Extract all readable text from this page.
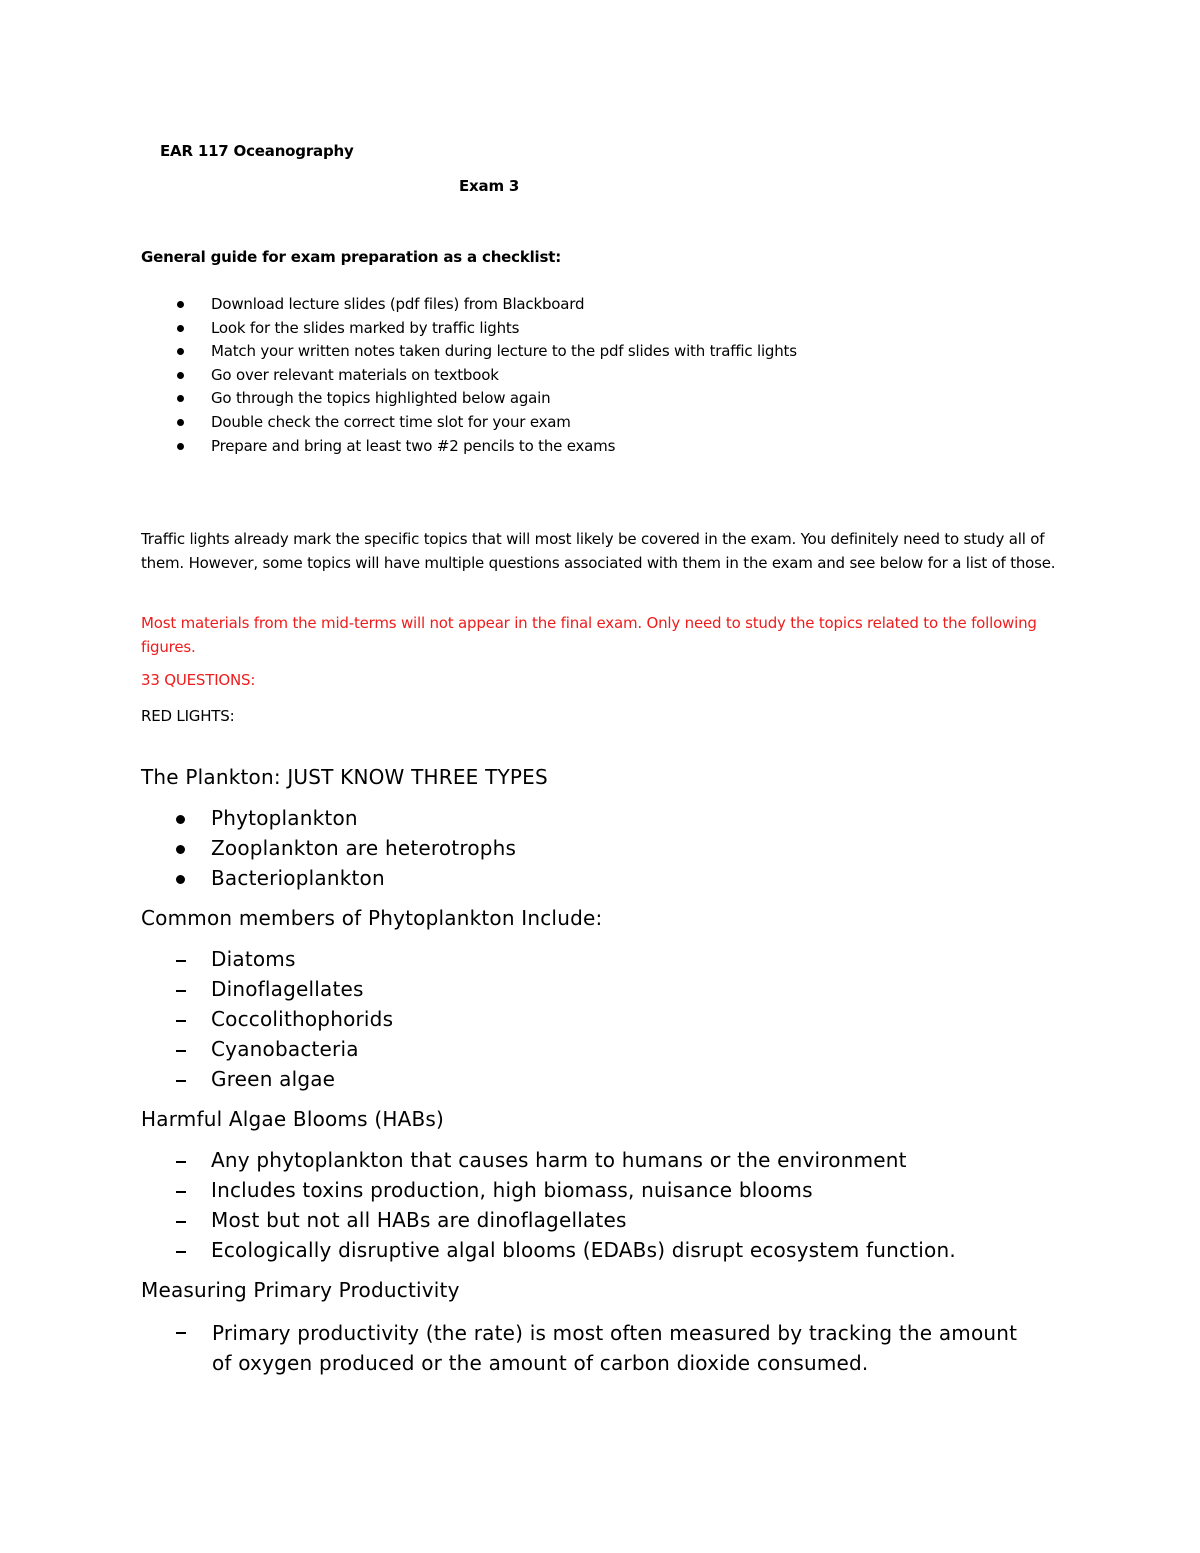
EAR 117 Oceanography
Exam 3
General guide for exam preparation as a checklist:
Download lecture slides (pdf files) from Blackboard
Look for the slides marked by traffic lights
Match your written notes taken during lecture to the pdf slides with traffic lights
Go over relevant materials on textbook
Go through the topics highlighted below again
Double check the correct time slot for your exam
Prepare and bring at least two #2 pencils to the exams
Traffic lights already mark the specific topics that will most likely be covered in the exam. You definitely need to study all of them. However, some topics will have multiple questions associated with them in the exam and see below for a list of those.
Most materials from the mid-terms will not appear in the final exam. Only need to study the topics related to the following figures.
33 QUESTIONS:
RED LIGHTS:
The Plankton: JUST KNOW THREE TYPES
Phytoplankton
Zooplankton are heterotrophs
Bacterioplankton
Common members of Phytoplankton Include:
Diatoms
Dinoflagellates
Coccolithophorids
Cyanobacteria
Green algae
Harmful Algae Blooms (HABs)
Any phytoplankton that causes harm to humans or the environment
Includes toxins production, high biomass, nuisance blooms
Most but not all HABs are dinoflagellates
Ecologically disruptive algal blooms (EDABs) disrupt ecosystem function.
Measuring Primary Productivity
Primary productivity (the rate) is most often measured by tracking the amount of oxygen produced or the amount of carbon dioxide consumed.
